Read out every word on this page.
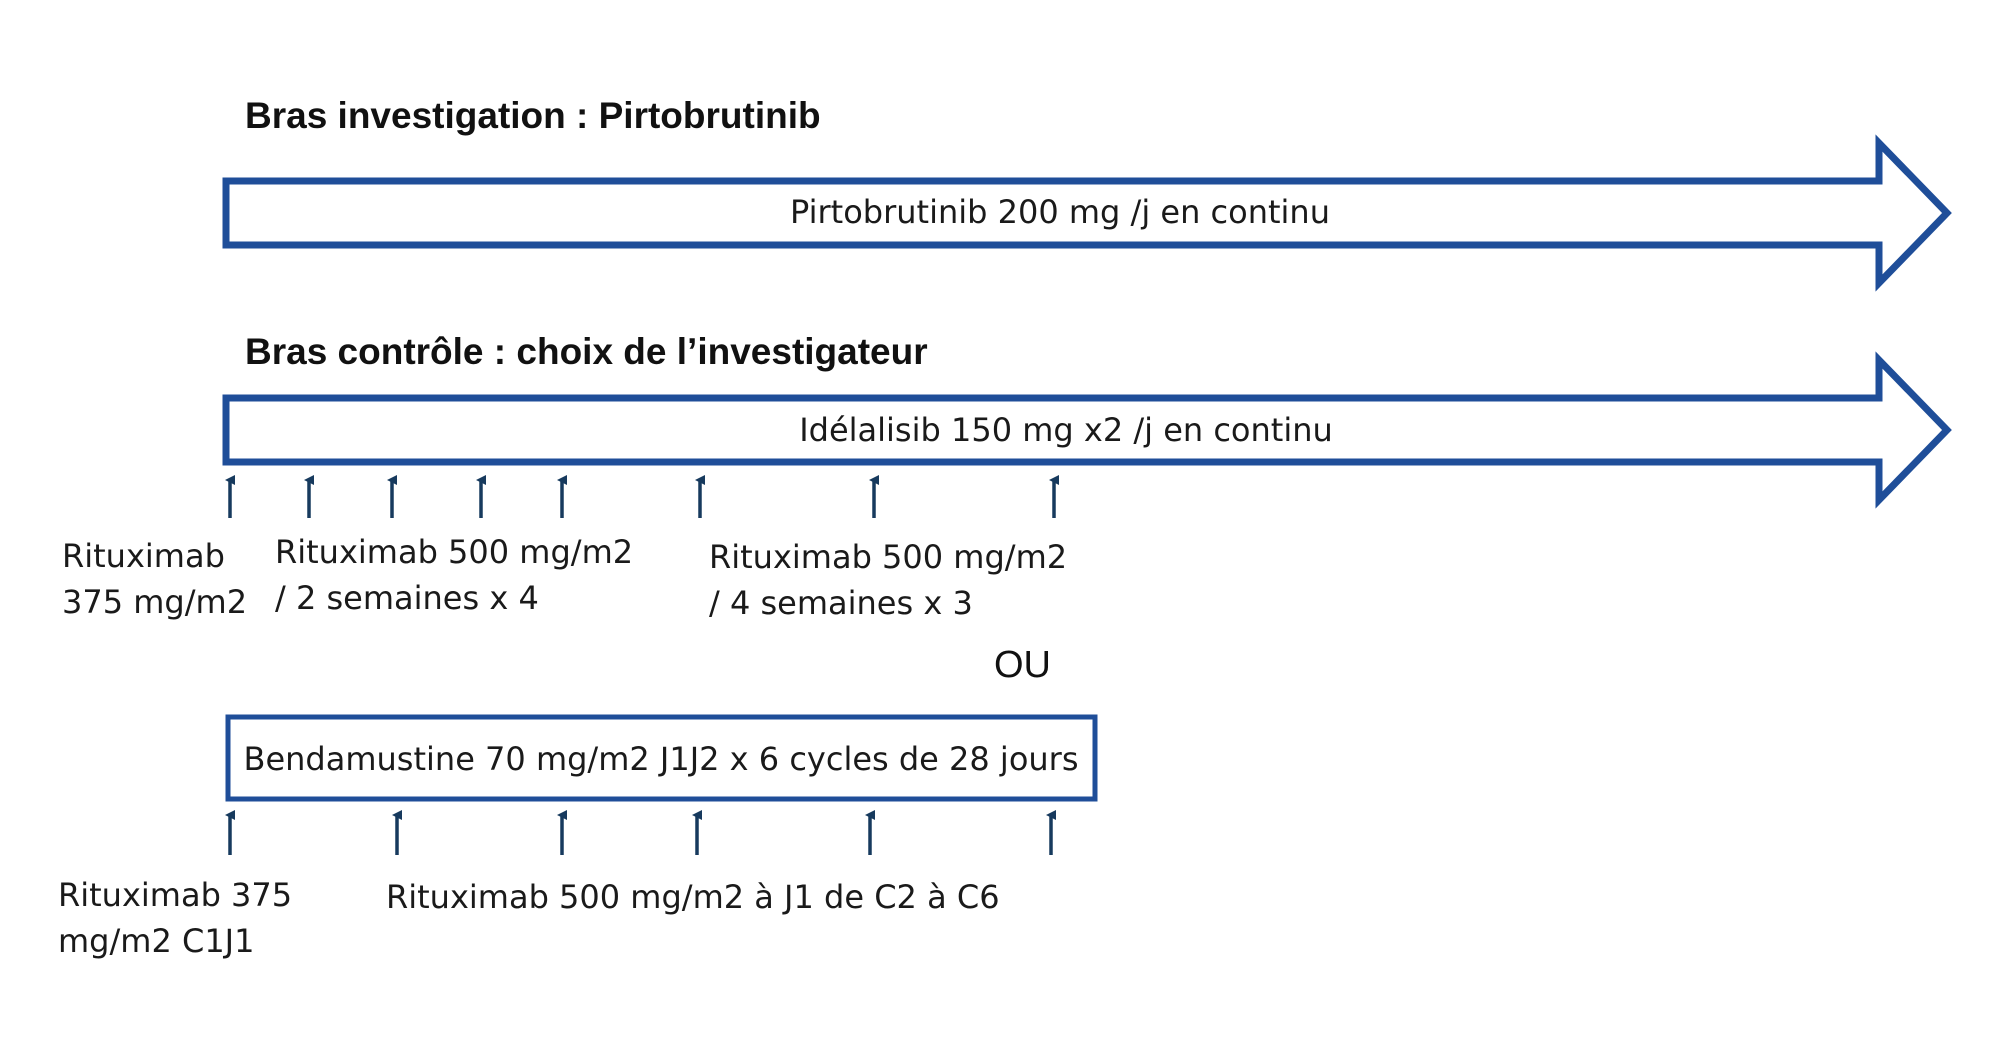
Bras investigation : Pirtobrutinib
Pirtobrutinib 200 mg /j en continu
Bras contrôle : choix de l’investigateur
Idélalisib 150 mg x2 /j en continu
Rituximab 375 mg/m2
Rituximab 500 mg/m2 / 2 semaines x 4
Rituximab 500 mg/m2 / 4 semaines x 3
OU
Bendamustine 70 mg/m2 J1J2 x 6 cycles de 28 jours
Rituximab 375 mg/m2 C1J1
Rituximab 500 mg/m2 à J1 de C2 à C6
